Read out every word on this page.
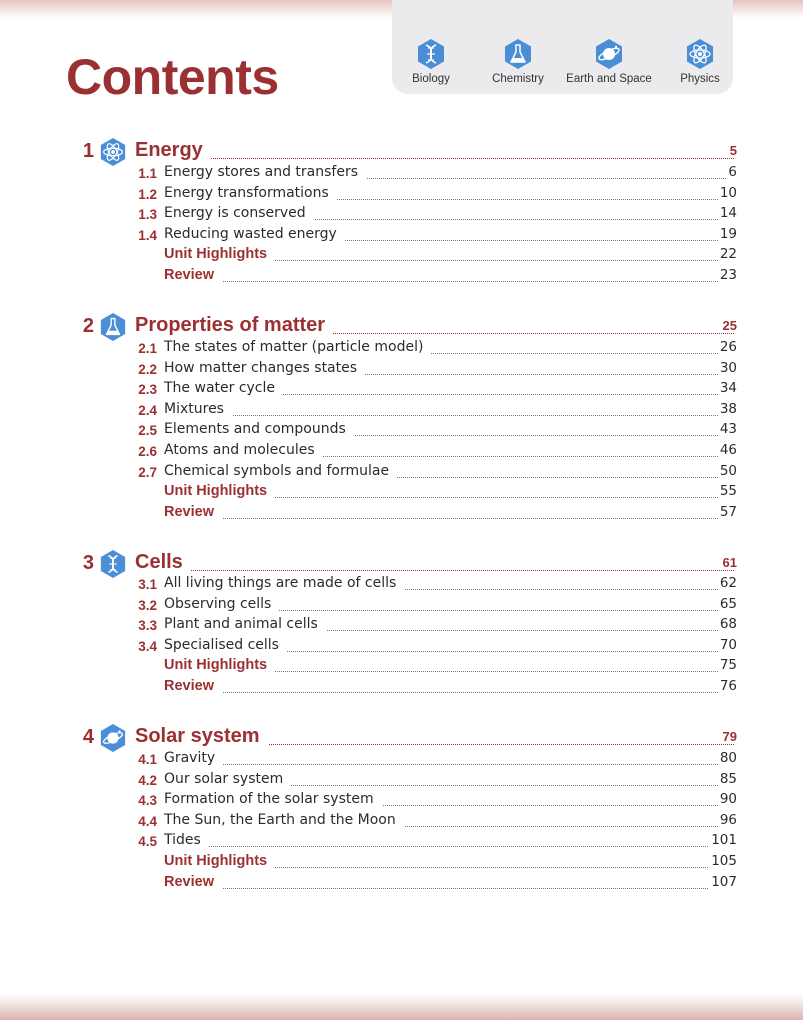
Contents	Biology	Chemistry	Earth and Space	Physics
1 Energy	5
1.1 Energy stores and transfers	6
1.2 Energy transformations	10
1.3 Energy is conserved	14
1.4 Reducing wasted energy	19
Unit Highlights	22
Review	23
2 Properties of matter	25
2.1 The states of matter (particle model)	26
2.2 How matter changes states	30
2.3 The water cycle	34
2.4 Mixtures	38
2.5 Elements and compounds	43
2.6 Atoms and molecules	46
2.7 Chemical symbols and formulae	50
Unit Highlights	55
Review	57
3 Cells	61
3.1 All living things are made of cells	62
3.2 Observing cells	65
3.3 Plant and animal cells	68
3.4 Specialised cells	70
Unit Highlights	75
Review	76
4 Solar system	79
4.1 Gravity	80
4.2 Our solar system	85
4.3 Formation of the solar system	90
4.4 The Sun, the Earth and the Moon	96
4.5 Tides	101
Unit Highlights	105
Review	107
